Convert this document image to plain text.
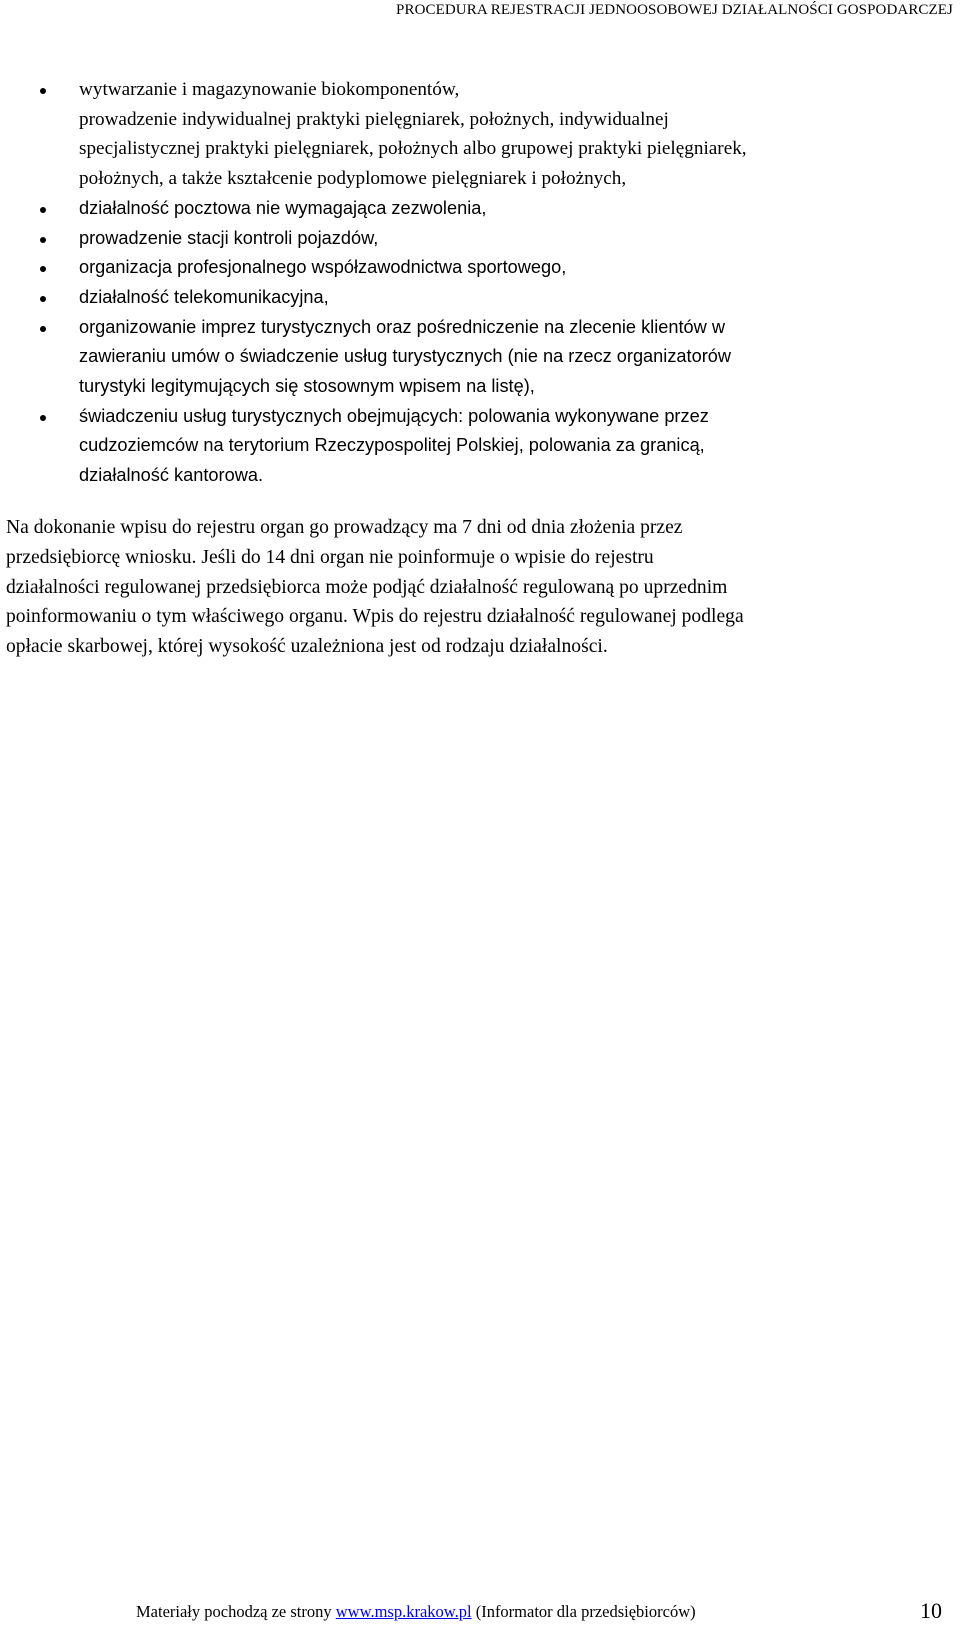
PROCEDURA REJESTRACJI JEDNOOSOBOWEJ DZIAŁALNOŚCI GOSPODARCZEJ
wytwarzanie i magazynowanie biokomponentów,
prowadzenie indywidualnej praktyki pielęgniarek, położnych, indywidualnej
specjalistycznej praktyki pielęgniarek, położnych albo grupowej praktyki pielęgniarek,
położnych, a także kształcenie podyplomowe pielęgniarek i położnych,
działalność pocztowa nie wymagająca zezwolenia,
prowadzenie stacji kontroli pojazdów,
organizacja profesjonalnego współzawodnictwa sportowego,
działalność telekomunikacyjna,
organizowanie imprez turystycznych oraz pośredniczenie na zlecenie klientów w
zawieraniu umów o świadczenie usług turystycznych (nie na rzecz organizatorów
turystyki legitymujących się stosownym wpisem na listę),
świadczeniu usług turystycznych obejmujących: polowania wykonywane przez
cudzoziemców na terytorium Rzeczypospolitej Polskiej, polowania za granicą,
działalność kantorowa.

Na dokonanie wpisu do rejestru organ go prowadzący ma 7 dni od dnia złożenia przez
przedsiębiorcę wniosku. Jeśli do 14 dni organ nie poinformuje o wpisie do rejestru
działalności regulowanej przedsiębiorca może podjąć działalność regulowaną po uprzednim
poinformowaniu o tym właściwego organu. Wpis do rejestru działalność regulowanej podlega
opłacie skarbowej, której wysokość uzależniona jest od rodzaju działalności.

Materiały pochodzą ze strony www.msp.krakow.pl (Informator dla przedsiębiorców)	10
